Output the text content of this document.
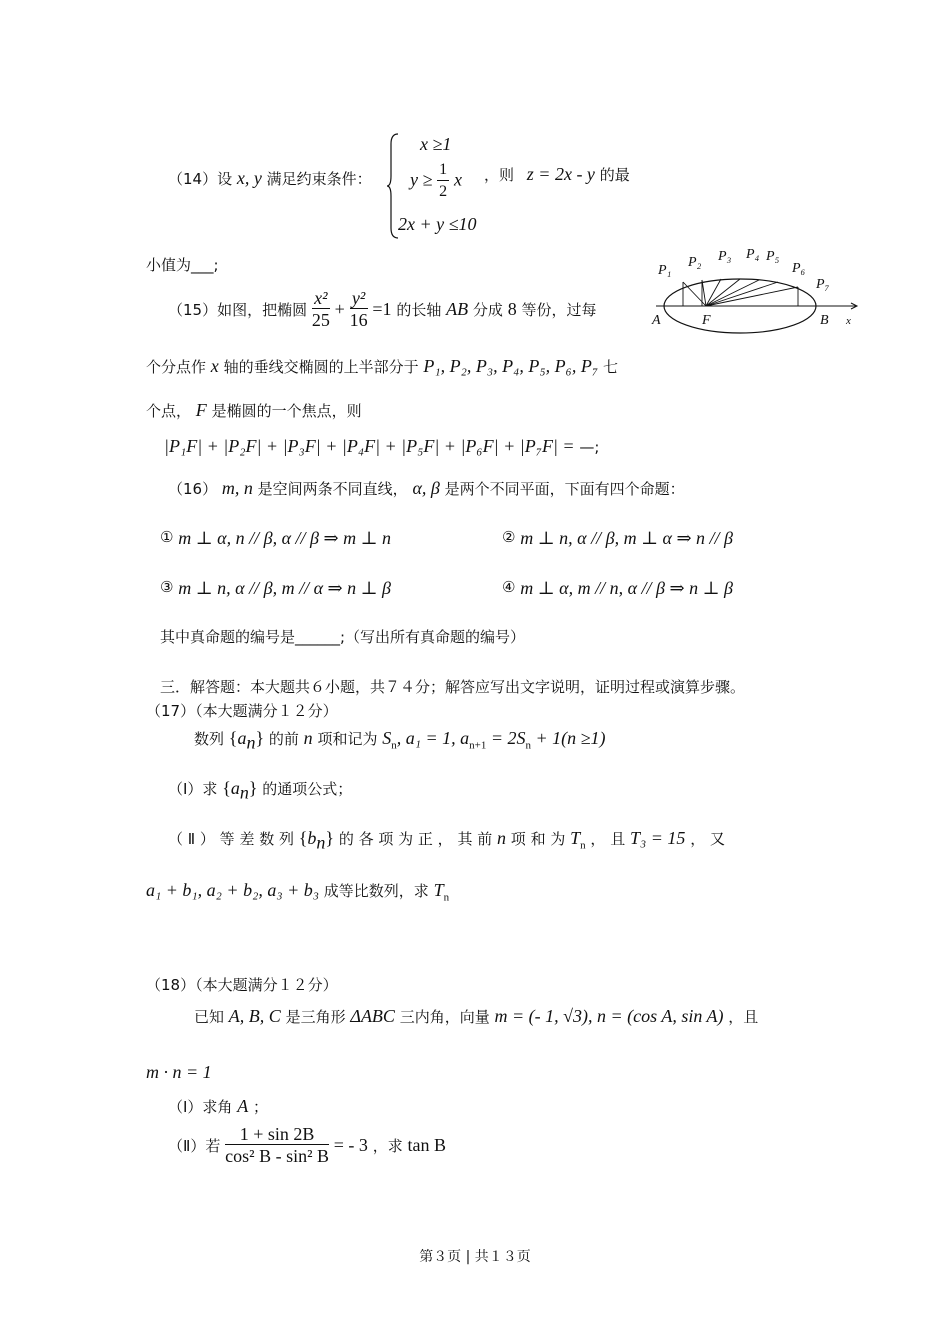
（14）设 x, y 满足约束条件：
x ≥1
$y \ge \frac{1}{2}$ x
2x + y ≤10
，则 z = 2x - y 的最
小值为___;
（15）如图，把椭圆 $\frac{\text{x²}}{25} + \frac{\text{y²}}{16} =1$ 的长轴 AB 分成 8 等份，过每
个分点作 x 轴的垂线交椭圆的上半部分于 P₁, P₂, P₃, P₄, P₅, P₆, P₇ 七
个点， F 是椭圆的一个焦点，则
|P₁F| + |P₂F| + |P₃F| + |P₄F| + |P₅F| + |P₆F| + |P₇F| = —;
P₁
P₂ P₃ P₄ P₅
P₆
P₇
A	F	B x
（16） m, n 是空间两条不同直线， α, β 是两个不同平面，下面有四个命题：
① m ⊥ α, n // β, α // β ⇒ m ⊥ n	② m ⊥ n, α // β, m ⊥ α ⇒ n // β
③ m ⊥ n, α // β, m // α ⇒ n ⊥ β	④ m ⊥ α, m // n, α // β ⇒ n ⊥ β
其中真命题的编号是______;（写出所有真命题的编号）
三．解答题：本大题共６小题，共７４分；解答应写出文字说明，证明过程或演算步骤。
（17）（本大题满分１２分）
数列 $\{a_n\}$ 的前 n 项和记为 $S_n$, a₁ = 1, $a_{n+1} = 2S_n + 1(n \ge 1)$
（Ⅰ）求 $\{a_n\}$ 的通项公式；
（ Ⅱ ） 等 差 数 列 $\{b_n\}$ 的 各 项 为 正 ， 其 前 n 项 和 为 $T_n$ ， 且 T₃ = 15 ， 又
a₁ + b₁, a₂ + b₂, a₃ + b₃ 成等比数列，求 $T_n$
（18）（本大题满分１２分）
已知 A, B, C 是三角形 ΔABC 三内角，向量 m = (- 1, √3), n = (cos A, sin A) ，且
m · n = 1
（Ⅰ）求角 A ；
（Ⅱ）若 $\frac{1 + \sin 2B}{\text{cos² B - sin² B}}$ = - 3 ，求 tan B
第３页 | 共１３页
